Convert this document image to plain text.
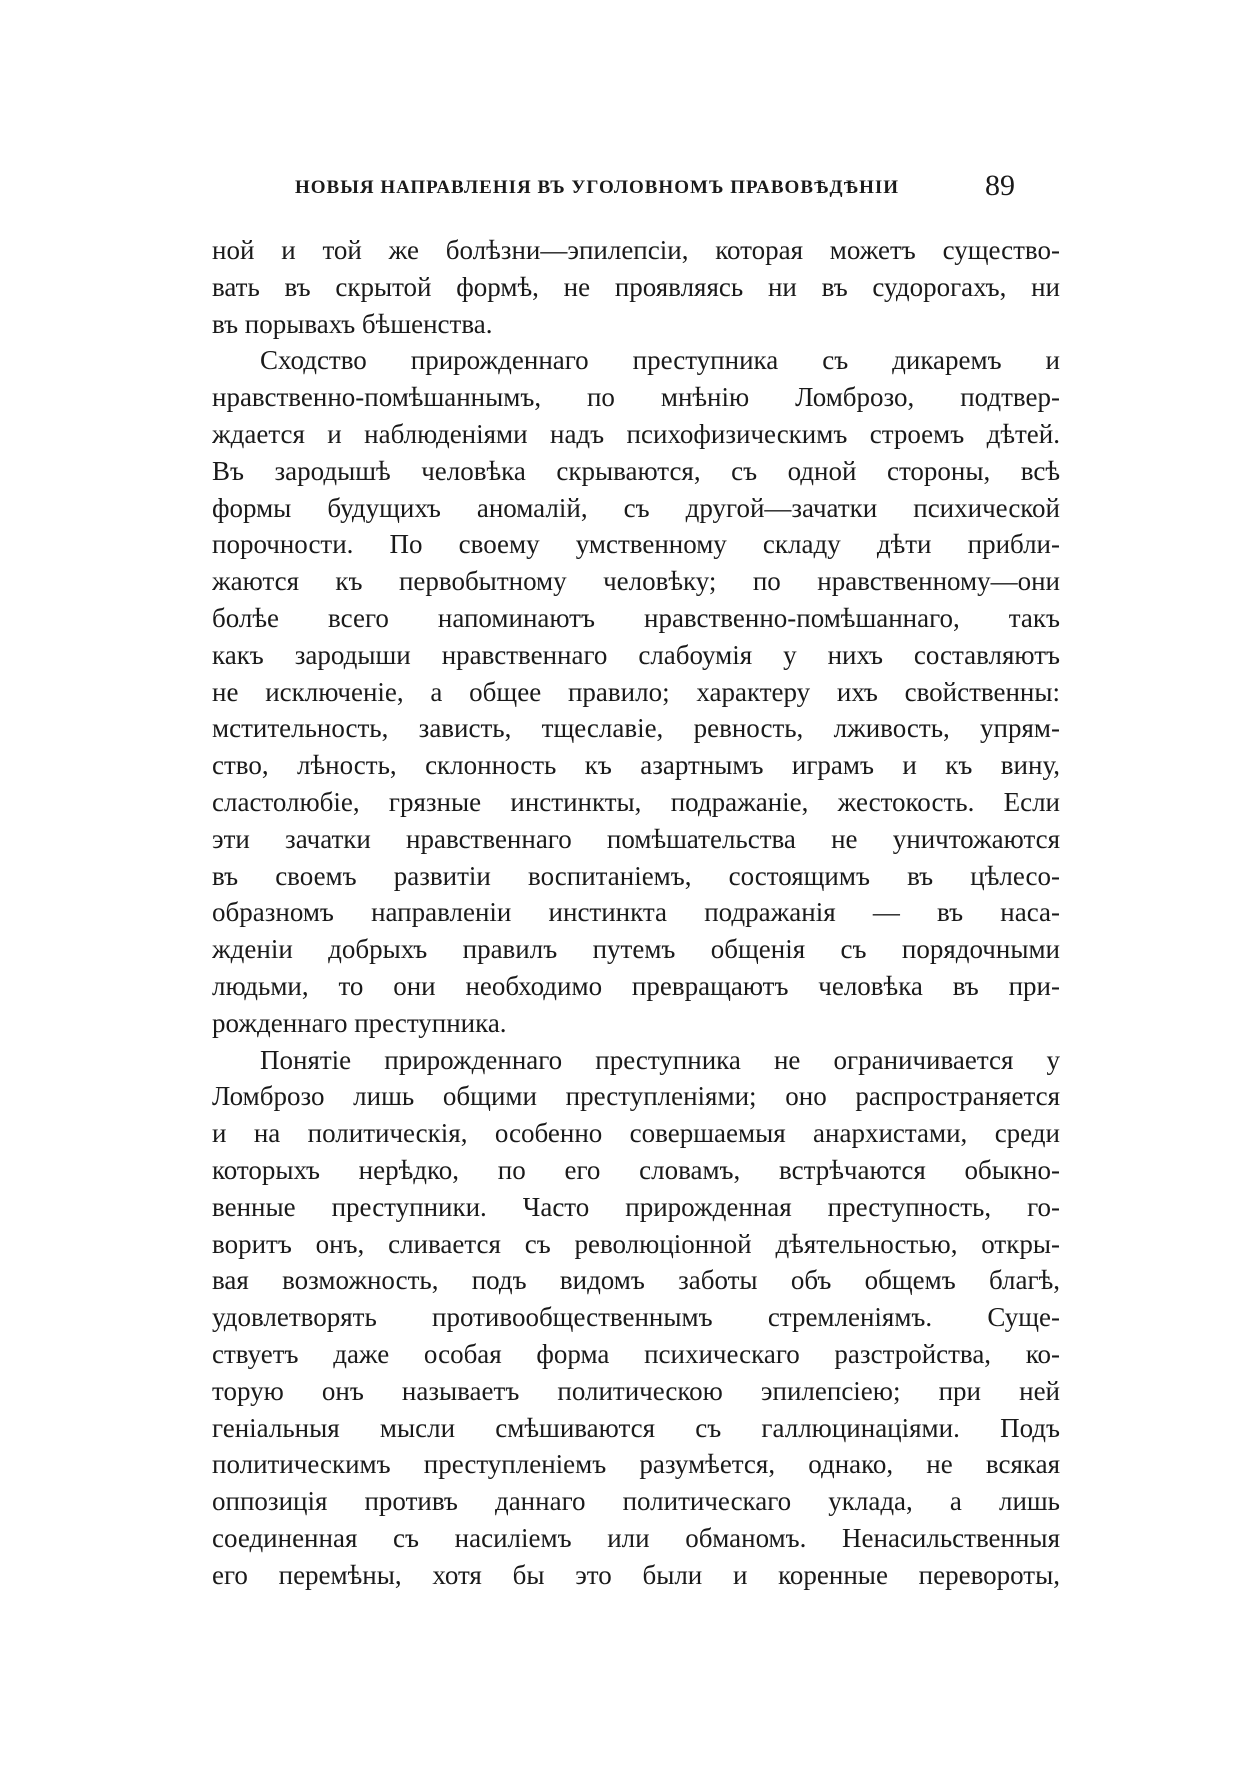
НОВЫЯ НАПРАВЛЕНІЯ ВЪ УГОЛОВНОМЪ ПРАВОВѢДѢНІИ	89
ной и той же болѣзни—эпилепсіи, которая можетъ существо-
вать въ скрытой формѣ, не проявляясь ни въ судорогахъ, ни
въ порывахъ бѣшенства.
Сходство прирожденнаго преступника съ дикаремъ и
нравственно-помѣшаннымъ, по мнѣнію Ломброзо, подтвер-
ждается и наблюденіями надъ психофизическимъ строемъ дѣтей.
Въ зародышѣ человѣка скрываются, съ одной стороны, всѣ
формы будущихъ аномалій, съ другой—зачатки психической
порочности. По своему умственному складу дѣти прибли-
жаются къ первобытному человѣку; по нравственному—они
болѣе всего напоминаютъ нравственно-помѣшаннаго, такъ
какъ зародыши нравственнаго слабоумія у нихъ составляютъ
не исключеніе, а общее правило; характеру ихъ свойственны:
мстительность, зависть, тщеславіе, ревность, лживость, упрям-
ство, лѣность, склонность къ азартнымъ играмъ и къ вину,
сластолюбіе, грязные инстинкты, подражаніе, жестокость. Если
эти зачатки нравственнаго помѣшательства не уничтожаются
въ своемъ развитіи воспитаніемъ, состоящимъ въ цѣлесо-
образномъ направленіи инстинкта подражанія — въ наса-
жденіи добрыхъ правилъ путемъ общенія съ порядочными
людьми, то они необходимо превращаютъ человѣка въ при-
рожденнаго преступника.
Понятіе прирожденнаго преступника не ограничивается у
Ломброзо лишь общими преступленіями; оно распространяется
и на политическія, особенно совершаемыя анархистами, среди
которыхъ нерѣдко, по его словамъ, встрѣчаются обыкно-
венные преступники. Часто прирожденная преступность, го-
воритъ онъ, сливается съ революціонной дѣятельностью, откры-
вая возможность, подъ видомъ заботы объ общемъ благѣ,
удовлетворять противообщественнымъ стремленіямъ. Суще-
ствуетъ даже особая форма психическаго разстройства, ко-
торую онъ называетъ политическою эпилепсіею; при ней
геніальныя мысли смѣшиваются съ галлюцинаціями. Подъ
политическимъ преступленіемъ разумѣется, однако, не всякая
оппозиція противъ даннаго политическаго уклада, а лишь
соединенная съ насиліемъ или обманомъ. Ненасильственныя
его перемѣны, хотя бы это были и коренные перевороты,
